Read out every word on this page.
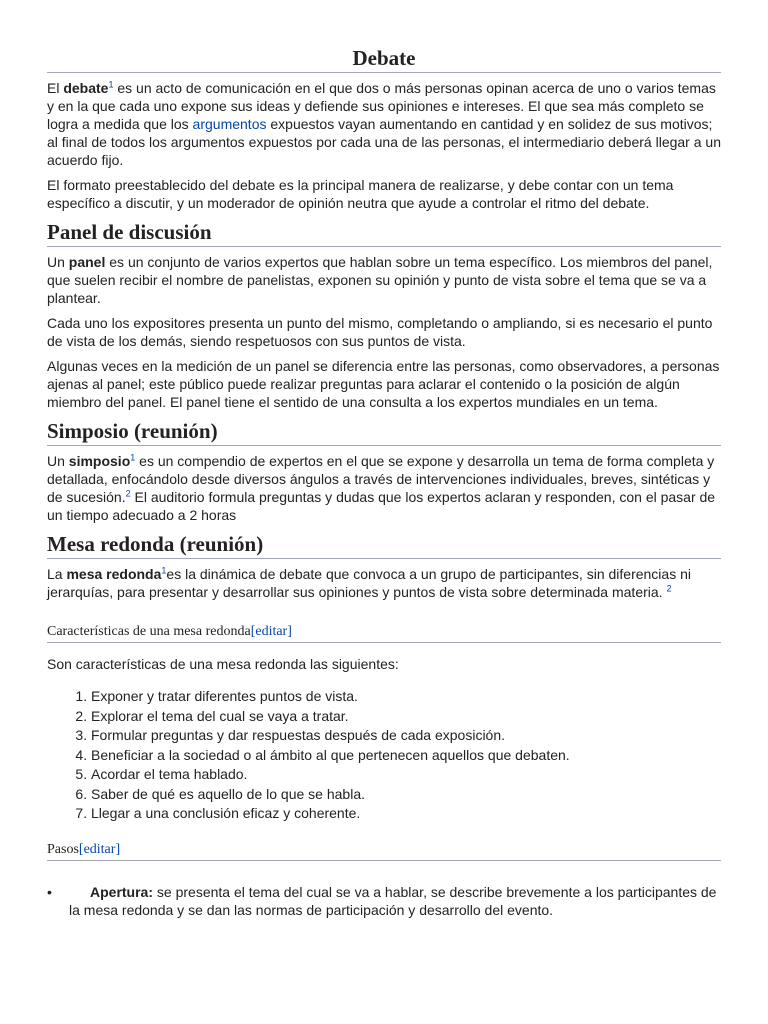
Debate

El debate$^1$ es un acto de comunicación en el que dos o más personas opinan acerca de uno o varios temas y en la que cada uno expone sus ideas y defiende sus opiniones e intereses. El que sea más completo se logra a medida que los argumentos expuestos vayan aumentando en cantidad y en solidez de sus motivos; al final de todos los argumentos expuestos por cada una de las personas, el intermediario deberá llegar a un acuerdo fijo.

El formato preestablecido del debate es la principal manera de realizarse, y debe contar con un tema específico a discutir, y un moderador de opinión neutra que ayude a controlar el ritmo del debate.

Panel de discusión

Un panel es un conjunto de varios expertos que hablan sobre un tema específico. Los miembros del panel, que suelen recibir el nombre de panelistas, exponen su opinión y punto de vista sobre el tema que se va a plantear.

Cada uno los expositores presenta un punto del mismo, completando o ampliando, si es necesario el punto de vista de los demás, siendo respetuosos con sus puntos de vista.

Algunas veces en la medición de un panel se diferencia entre las personas, como observadores, a personas ajenas al panel; este público puede realizar preguntas para aclarar el contenido o la posición de algún miembro del panel. El panel tiene el sentido de una consulta a los expertos mundiales en un tema.

Simposio (reunión)

Un simposio$^1$ es un compendio de expertos en el que se expone y desarrolla un tema de forma completa y detallada, enfocándolo desde diversos ángulos a través de intervenciones individuales, breves, sintéticas y de sucesión.$^2$ El auditorio formula preguntas y dudas que los expertos aclaran y responden, con el pasar de un tiempo adecuado a 2 horas

Mesa redonda (reunión)

La mesa redonda$^1$es la dinámica de debate que convoca a un grupo de participantes, sin diferencias ni jerarquías, para presentar y desarrollar sus opiniones y puntos de vista sobre determinada materia. $^2$

Características de una mesa redonda[editar]

Son características de una mesa redonda las siguientes:

1. Exponer y tratar diferentes puntos de vista.
2. Explorar el tema del cual se vaya a tratar.
3. Formular preguntas y dar respuestas después de cada exposición.
4. Beneficiar a la sociedad o al ámbito al que pertenecen aquellos que debaten.
5. Acordar el tema hablado.
6. Saber de qué es aquello de lo que se habla.
7. Llegar a una conclusión eficaz y coherente.
Pasos[editar]
•	Apertura: se presenta el tema del cual se va a hablar, se describe brevemente a los participantes de la mesa redonda y se dan las normas de participación y desarrollo del evento.
